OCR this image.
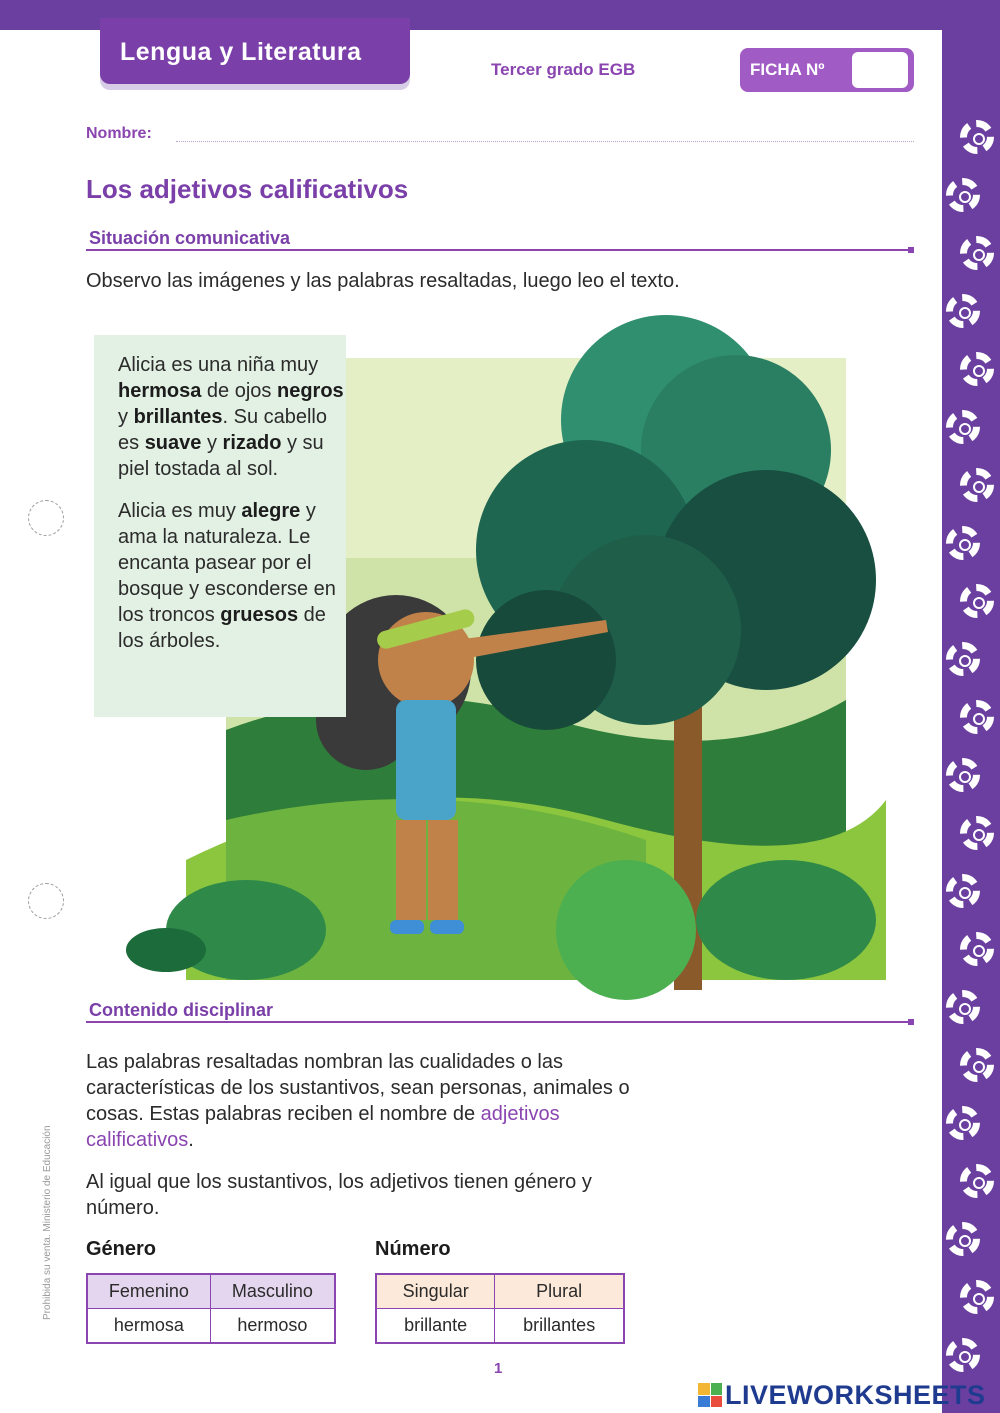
Lengua y Literatura
Tercer grado EGB	FICHA Nº
Nombre:
Los adjetivos calificativos
Situación comunicativa
Observo las imágenes y las palabras resaltadas, luego leo el texto.

Alicia es una niña muy hermosa de ojos negros y brillantes. Su cabello es suave y rizado y su piel tostada al sol.

Alicia es muy alegre y ama la naturaleza. Le encanta pasear por el bosque y esconderse en los troncos gruesos de los árboles.

Contenido disciplinar

Las palabras resaltadas nombran las cualidades o las características de los sustantivos, sean personas, animales o cosas. Estas palabras reciben el nombre de adjetivos calificativos.

Al igual que los sustantivos, los adjetivos tienen género y número.

Género
Femenino	Masculino
hermosa	hermoso
Número
Singular	Plural
brillante	brillantes
Prohibida su venta. Ministerio de Educación
1
LIVEWORKSHEETS
